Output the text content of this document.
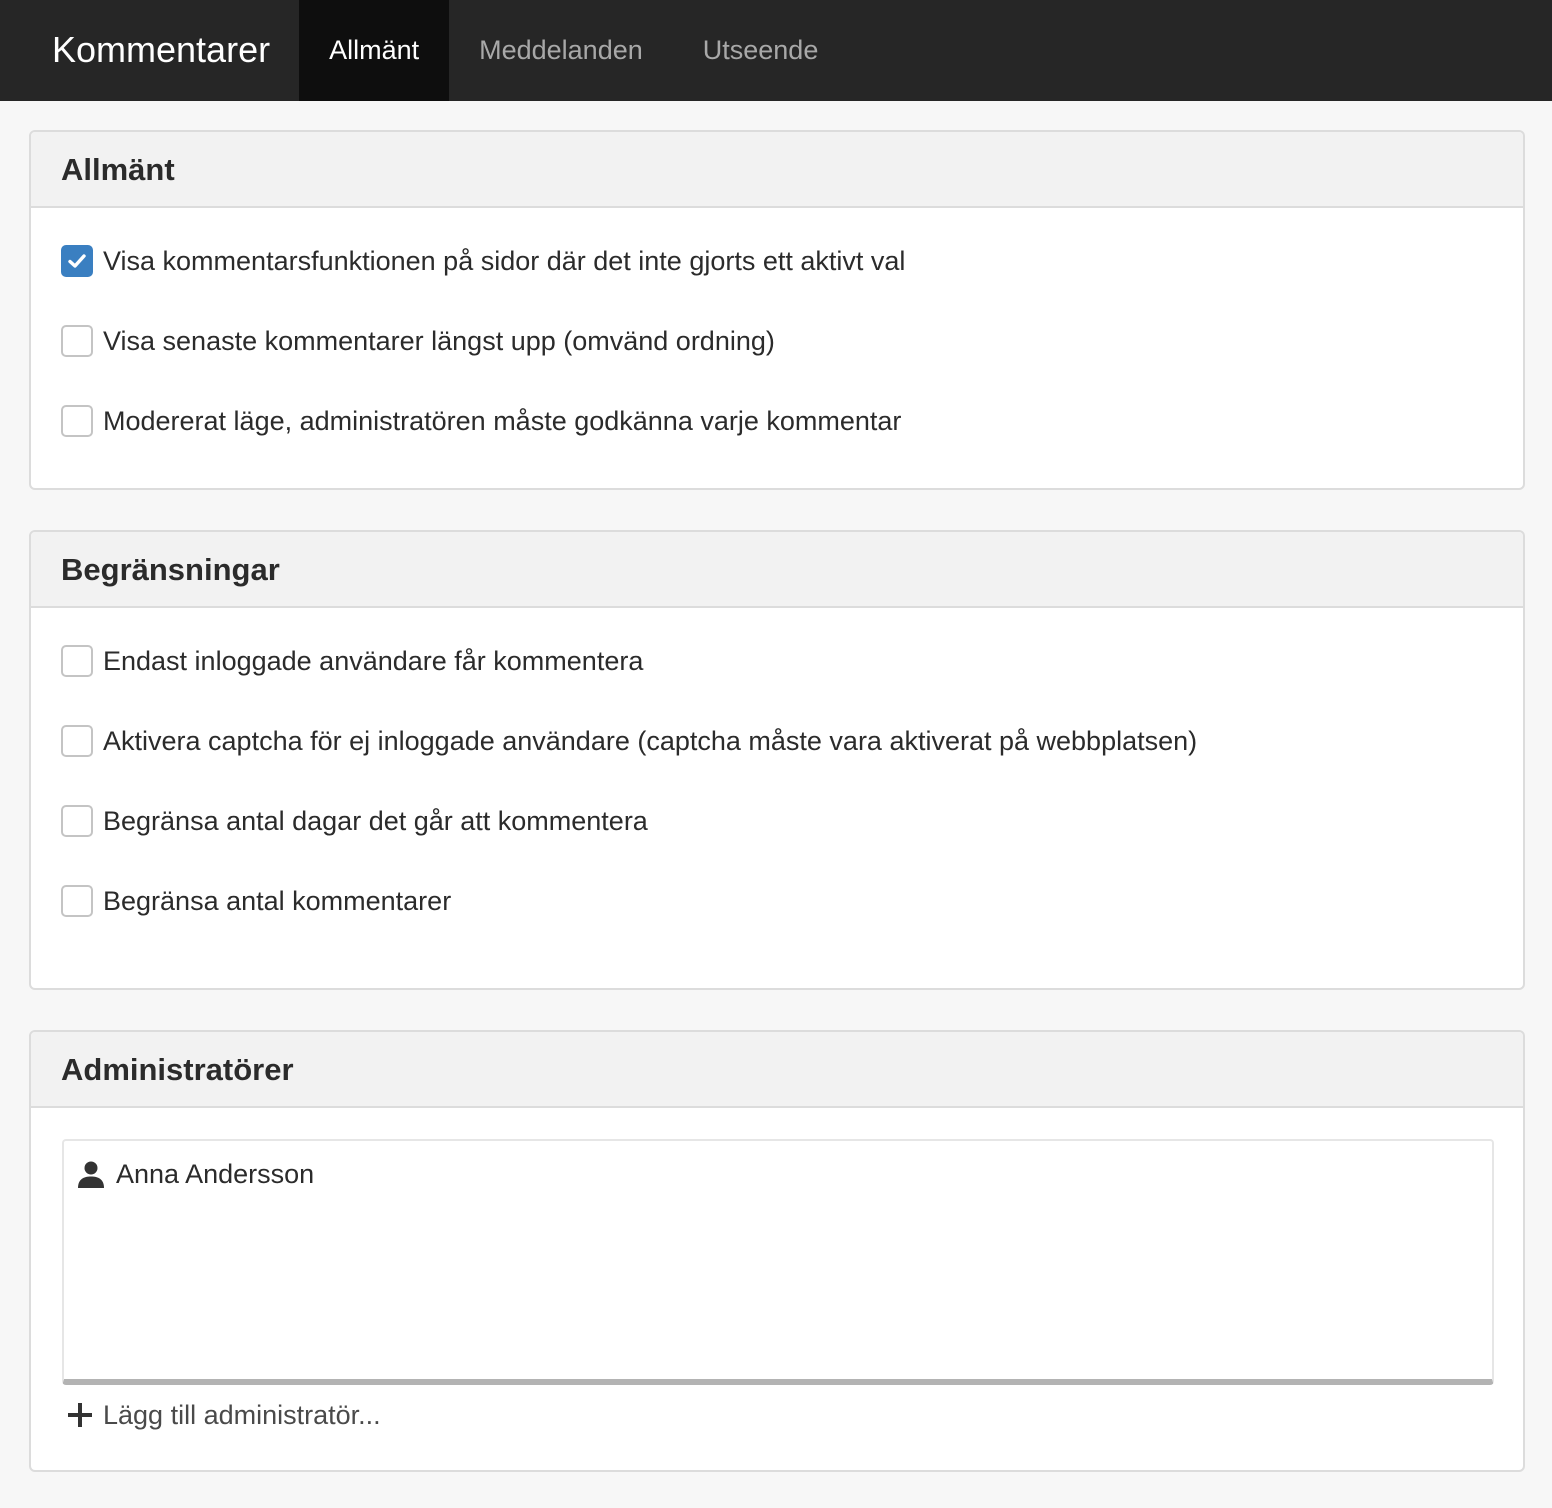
Kommentarer	Allmänt	Meddelanden	Utseende
Allmänt
Visa kommentarsfunktionen på sidor där det inte gjorts ett aktivt val
Visa senaste kommentarer längst upp (omvänd ordning)
Modererat läge, administratören måste godkänna varje kommentar
Begränsningar
Endast inloggade användare får kommentera
Aktivera captcha för ej inloggade användare (captcha måste vara aktiverat på webbplatsen)
Begränsa antal dagar det går att kommentera
Begränsa antal kommentarer
Administratörer
Anna Andersson
Lägg till administratör...
